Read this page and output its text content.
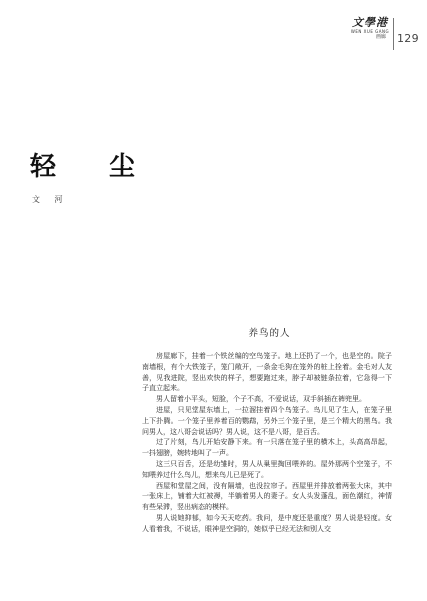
文學港
WEN XUE GANG
画廊	129
轻 尘

文 河

养鸟的人

房屋廊下，挂着一个铁丝编的空鸟笼子。地上还扔了一个，也是空的。院子南墙根，有个大铁笼子，笼门敞开，一条金毛狗在笼外的桩上拴着。金毛对人友善，见我进院，竖出欢快的样子，想要跑过来，脖子却被链条拉着，它急得一下子直立起来。

男人留着小平头，短脸，个子不高，不爱说话，双手斜插在裤兜里。

进屋，只见堂屋东墙上，一拉溜挂着四个鸟笼子。鸟儿见了生人，在笼子里上下扑腾。一个笼子里养着百的鹦鹉，另外三个笼子里，是三个精大的黑鸟。我问男人，这八哥会说话吗？男人说，这不是八哥，是百舌。

过了片刻，鸟儿开始安静下来。有一只落在笼子里的横木上，头高高昂起，一抖翅膀，婉转地叫了一声。

这三只百舌，还是幼雏时，男人从巢里掏回喂养的。屋外那两个空笼子，不知喂养过什么鸟儿，想来鸟儿已是死了。

西屋和堂屋之间，没有隔墙，也没拉帘子。西屋里并排放着两张大床，其中一张床上，铺着大红被褥，半躺着男人的妻子。女人头发蓬乱，面色潮红，神情有些呆滞，竖出病态的模样。

男人说她抑郁，如今天天吃药。我问，是中度还是重度？男人说是轻度。女人看着我，不说话，眼神是空洞的，她似乎已经无法和别人交
